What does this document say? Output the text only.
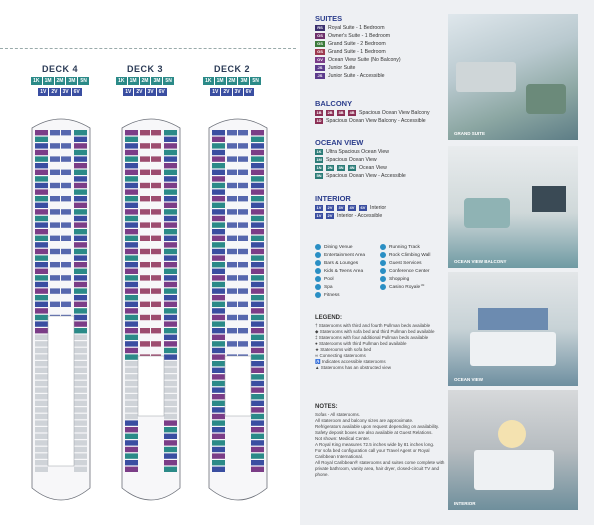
DECK 4
1K	1M	2M	3M	5N
1V	2V	3V	6V
DECK 3
1K	1M	2M	3M	5N
1V	2V	3V	6V
DECK 2
1K	1M	2M	3M	5N
1V	2V	3V	6V
SUITES
RS	Royal Suite - 1 Bedroom
OS Owner's Suite - 1 Bedroom
GS Grand Suite - 2 Bedroom
GS Grand Suite - 1 Bedroom
OV Ocean View Suite (No Balcony)
JS	Junior Suite
JS	Junior Suite - Accessible
BALCONY
1B	2B	3B	4B Spacious Ocean View Balcony
1D Spacious Ocean View Balcony - Accessible
OCEAN VIEW
1K Ultra Spacious Ocean View
1M Spacious Ocean View
1N	2N	3N	4N Ocean View
5N Spacious Ocean View - Accessible
INTERIOR
1V	2V	3V	4V	6V Interior
1V	2V Interior - Accessible
Dining Venue
Entertainment Area
Bars & Lounges
Kids & Teens Area
Pool
Spa
Fitness
Running Track
Rock Climbing Wall
Guest Services
Conference Center
Shopping
Casino Royale℠
LEGEND:
† Staterooms with third and fourth Pullman beds available
◆ Staterooms with sofa bed and third Pullman bed available
‡ Staterooms with four additional Pullman beds available
● Staterooms with third Pullman bed available
★ Staterooms with sofa bed
∞ Connecting staterooms
♿ Indicates accessible staterooms
▲ Staterooms has an obstructed view
NOTES:
Sofas - All staterooms.
All stateroom and balcony sizes are approximate.
Refrigerators available upon request depending on availability.
Safety deposit boxes are also available at Guest Relations.
Not shown: Medical Center.
A Royal King measures 72.5 inches wide by 81 inches long.
For sofa bed configuration call your Travel Agent or Royal Caribbean International.
All Royal Caribbean® staterooms and suites come complete with private bathroom, vanity area, hair dryer, closed-circuit TV and phone.
GRAND SUITE
OCEAN VIEW BALCONY
OCEAN VIEW
INTERIOR
